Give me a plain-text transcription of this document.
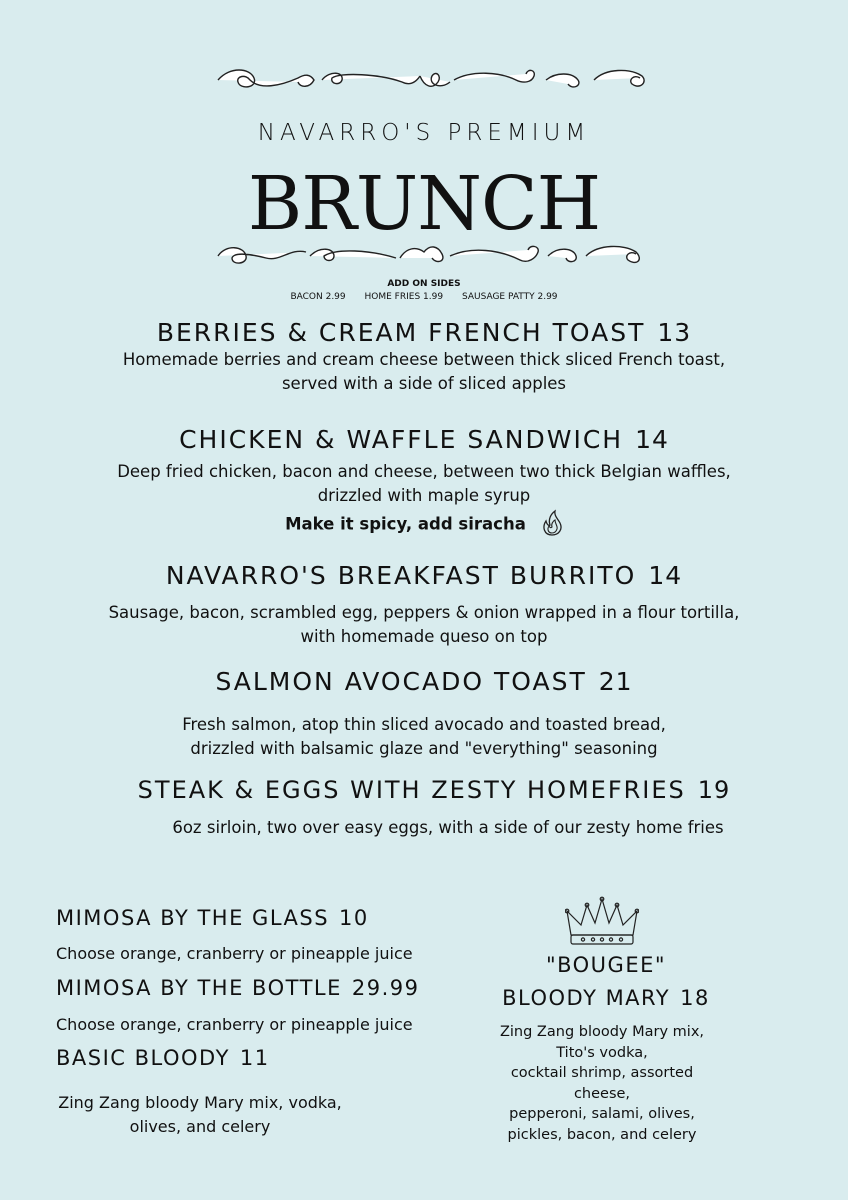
NAVARRO'S PREMIUM
BRUNCH
ADD ON SIDES
BACON 2.99 HOME FRIES 1.99 SAUSAGE PATTY 2.99
BERRIES & CREAM FRENCH TOAST 13
Homemade berries and cream cheese between thick sliced French toast,
served with a side of sliced apples
CHICKEN & WAFFLE SANDWICH 14
Deep fried chicken, bacon and cheese, between two thick Belgian waffles,
drizzled with maple syrup
Make it spicy, add siracha
NAVARRO'S BREAKFAST BURRITO 14
Sausage, bacon, scrambled egg, peppers & onion wrapped in a flour tortilla,
with homemade queso on top
SALMON AVOCADO TOAST 21
Fresh salmon, atop thin sliced avocado and toasted bread,
drizzled with balsamic glaze and "everything" seasoning
STEAK & EGGS WITH ZESTY HOMEFRIES 19
6oz sirloin, two over easy eggs, with a side of our zesty home fries
MIMOSA BY THE GLASS 10
Choose orange, cranberry or pineapple juice
MIMOSA BY THE BOTTLE 29.99
Choose orange, cranberry or pineapple juice
BASIC BLOODY 11
Zing Zang bloody Mary mix, vodka,
olives, and celery
"BOUGEE"
BLOODY MARY 18
Zing Zang bloody Mary mix,
Tito's vodka,
cocktail shrimp, assorted
cheese,
pepperoni, salami, olives,
pickles, bacon, and celery
